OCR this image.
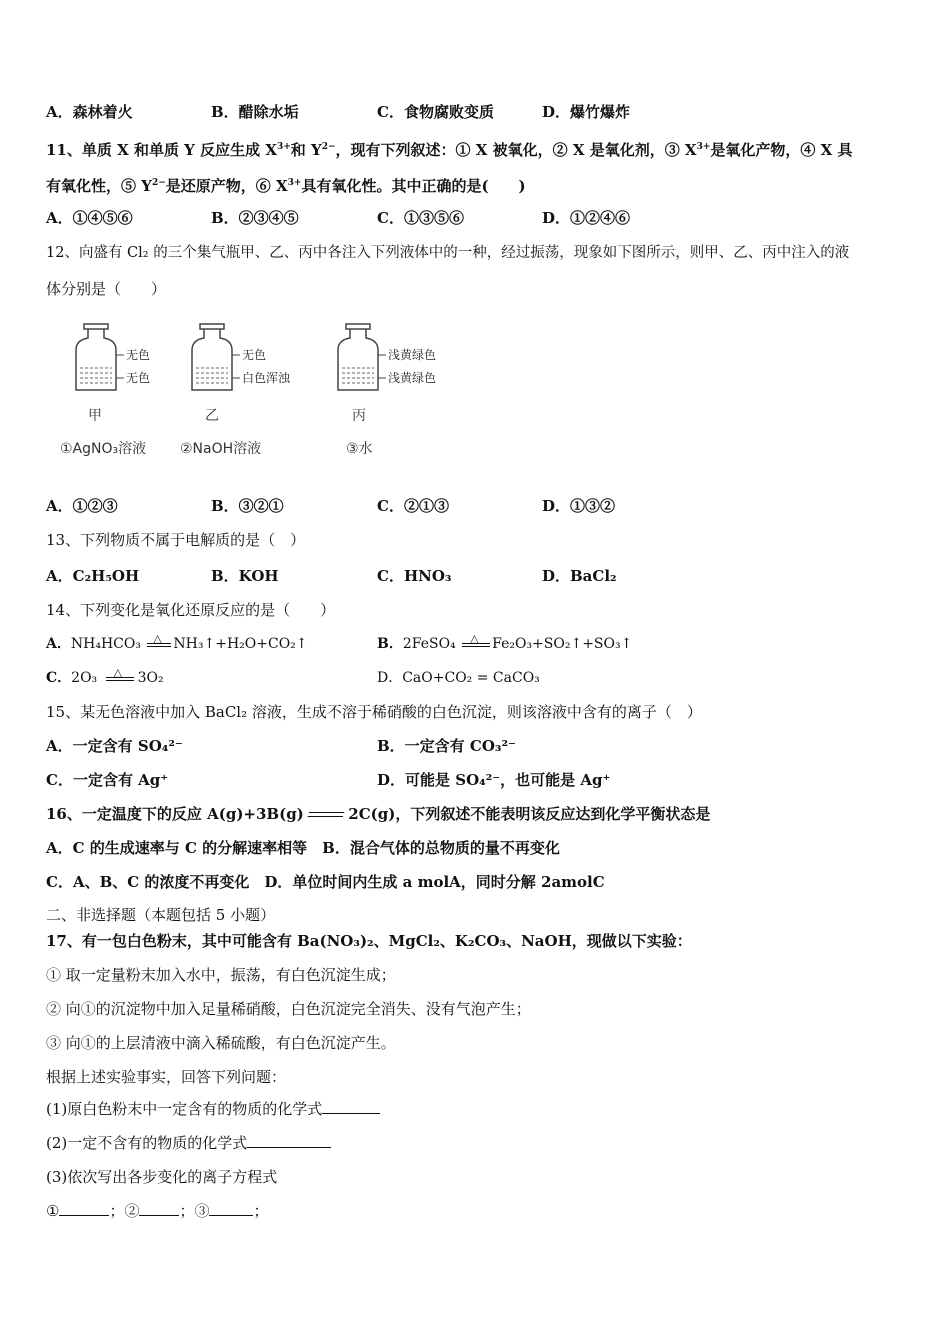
A．森林着火	B．醋除水垢	C．食物腐败变质	D．爆竹爆炸
11、单质 X 和单质 Y 反应生成 $X^{3+}$和 $Y^{2-}$，现有下列叙述：① X 被氧化，② X 是氧化剂，③ $X^{3+}$是氧化产物，④ X 具
有氧化性，⑤ $Y^{2-}$是还原产物，⑥ $X^{3+}$具有氧化性。其中正确的是(　　)
A．①④⑤⑥	B．②③④⑤	C．①③⑤⑥	D．①②④⑥
12、向盛有 Cl₂ 的三个集气瓶甲、乙、丙中各注入下列液体中的一种，经过振荡，现象如下图所示，则甲、乙、丙中注入的液
体分别是（　　）
无色
无色
甲
①AgNO₃溶液
无色
白色浑浊
乙
②NaOH溶液
浅黄绿色
浅黄绿色
丙
③水
A．①②③	B．③②①	C．②①③	D．①③②
13、下列物质不属于电解质的是（　）
A．C₂H₅OH	B．KOH	C．HNO₃	D．BaCl₂
14、下列变化是氧化还原反应的是（　　）
A．NH₄HCO₃ △ NH₃↑+H₂O+CO₂↑	B．2FeSO₄ △ Fe₂O₃+SO₂↑+SO₃↑
C．2O₃ △ 3O₂	D．CaO+CO₂ = CaCO₃
15、某无色溶液中加入 BaCl₂ 溶液，生成不溶于稀硝酸的白色沉淀，则该溶液中含有的离子（　）
A．一定含有 SO₄²⁻	B．一定含有 CO₃²⁻
C．一定含有 Ag⁺	D．可能是 SO₄²⁻，也可能是 Ag⁺
16、一定温度下的反应 A(g)+3B(g)	2C(g)，下列叙述不能表明该反应达到化学平衡状态是
A．C 的生成速率与 C 的分解速率相等　B．混合气体的总物质的量不再变化
C．A、B、C 的浓度不再变化　D．单位时间内生成 a molA，同时分解 2amolC
二、非选择题（本题包括 5 小题）
17、有一包白色粉末，其中可能含有 Ba(NO₃)₂、MgCl₂、K₂CO₃、NaOH，现做以下实验：
① 取一定量粉末加入水中，振荡，有白色沉淀生成；
② 向①的沉淀物中加入足量稀硝酸，白色沉淀完全消失、没有气泡产生；
③ 向①的上层清液中滴入稀硫酸，有白色沉淀产生。
根据上述实验事实，回答下列问题：
(1)原白色粉末中一定含有的物质的化学式
(2)一定不含有的物质的化学式
(3)依次写出各步变化的离子方程式
①	；②	；③	；
